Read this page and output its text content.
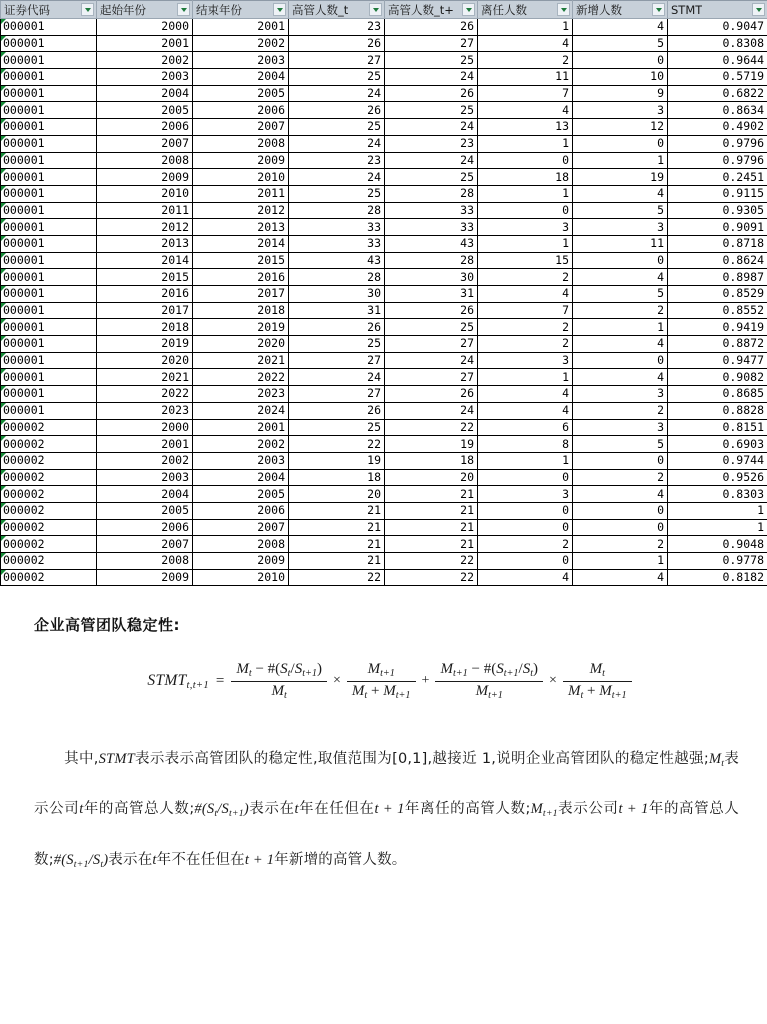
证券代码	起始年份	结束年份	高管人数_t	高管人数_t+	离任人数	新增人数	STMT

000001	2000	2001	23	26	1	4	0.9047
000001	2001	2002	26	27	4	5	0.8308
000001	2002	2003	27	25	2	0	0.9644
000001	2003	2004	25	24	11	10	0.5719
000001	2004	2005	24	26	7	9	0.6822
000001	2005	2006	26	25	4	3	0.8634
000001	2006	2007	25	24	13	12	0.4902
000001	2007	2008	24	23	1	0	0.9796
000001	2008	2009	23	24	0	1	0.9796
000001	2009	2010	24	25	18	19	0.2451
000001	2010	2011	25	28	1	4	0.9115
000001	2011	2012	28	33	0	5	0.9305
000001	2012	2013	33	33	3	3	0.9091
000001	2013	2014	33	43	1	11	0.8718
000001	2014	2015	43	28	15	0	0.8624
000001	2015	2016	28	30	2	4	0.8987
000001	2016	2017	30	31	4	5	0.8529
000001	2017	2018	31	26	7	2	0.8552
000001	2018	2019	26	25	2	1	0.9419
000001	2019	2020	25	27	2	4	0.8872
000001	2020	2021	27	24	3	0	0.9477
000001	2021	2022	24	27	1	4	0.9082
000001	2022	2023	27	26	4	3	0.8685
000001	2023	2024	26	24	4	2	0.8828
000002	2000	2001	25	22	6	3	0.8151
000002	2001	2002	22	19	8	5	0.6903
000002	2002	2003	19	18	1	0	0.9744
000002	2003	2004	18	20	0	2	0.9526
000002	2004	2005	20	21	3	4	0.8303
000002	2005	2006	21	21	0	0	1
000002	2006	2007	21	21	0	0	1
000002	2007	2008	21	21	2	2	0.9048
000002	2008	2009	21	22	0	1	0.9778
000002	2009	2010	22	22	4	4	0.8182
企业高管团队稳定性:
$STMT_{t,t+1} = \frac{M_t - \#(S_t/S_{t+1})}{M_t} \times \frac{M_{t+1}}{M_t + M_{t+1}} + \frac{M_{t+1} - \#(S_{t+1}/S_t)}{M_{t+1}} \times \frac{M_t}{M_t + M_{t+1}}$

其中,STMT表示表示高管团队的稳定性,取值范围为[0,1],越接近 1,说明企业高管团队的稳定性越强$;M_t$表示公司t年的高管总人数$;\#(S_t/S_{t+1})$表示在t年在任但在t + 1年离任的高管人数$;M_{t+1}$表示公司t + 1年的高管总人数$;\#(S_{t+1}/S_t)$表示在t年不在任但在t + 1年新增的高管人数。
